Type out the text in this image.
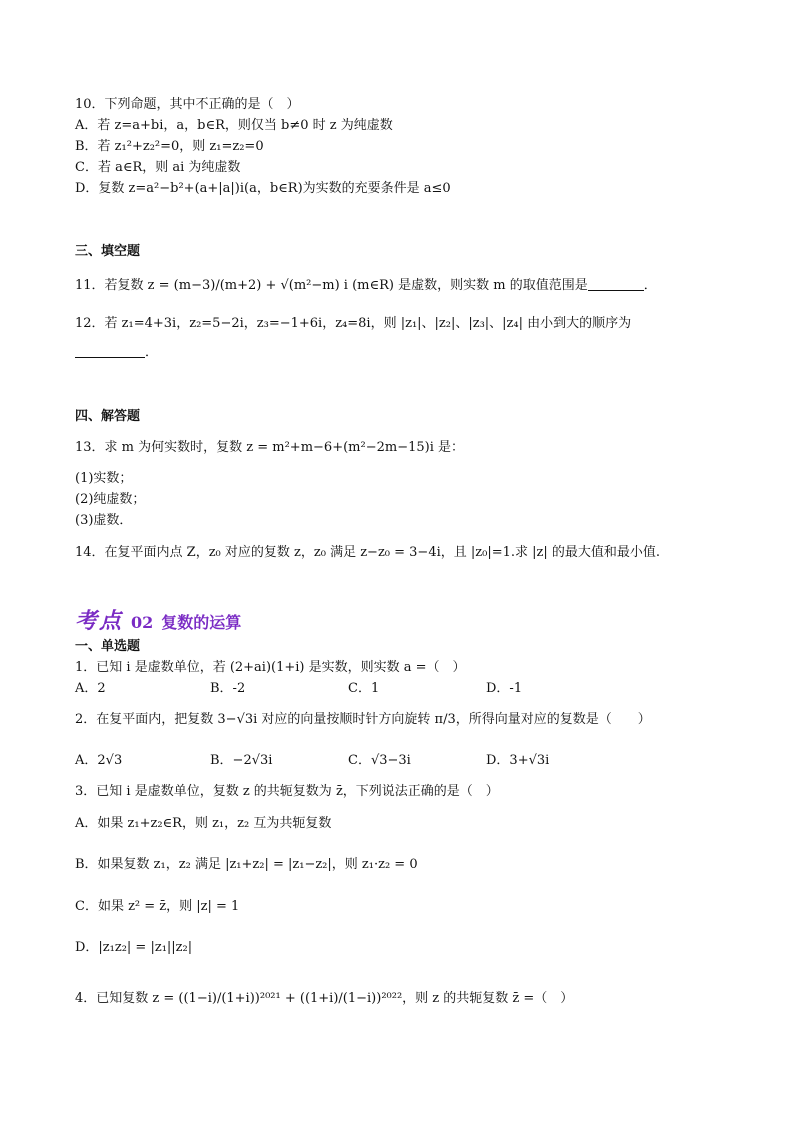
10．下列命题，其中不正确的是（　）
A．若 z=a+bi，a，b∈R，则仅当 b≠0 时 z 为纯虚数
B．若 z₁²+z₂²=0，则 z₁=z₂=0
C．若 a∈R，则 ai 为纯虚数
D．复数 z=a²−b²+(a+|a|)i(a，b∈R)为实数的充要条件是 a≤0
三、填空题
11．若复数 z = (m−3)/(m+2) + √(m²−m) i (m∈R) 是虚数，则实数 m 的取值范围是	．
12．若 z₁=4+3i，z₂=5−2i，z₃=−1+6i，z₄=8i，则 |z₁|、|z₂|、|z₃|、|z₄| 由小到大的顺序为
．
四、解答题
13．求 m 为何实数时，复数 z = m²+m−6+(m²−2m−15)i 是：
(1)实数；
(2)纯虚数；
(3)虚数．
14．在复平面内点 Z，z₀ 对应的复数 z，z₀ 满足 z−z₀ = 3−4i，且 |z₀|=1.求 |z| 的最大值和最小值.
考点 02 复数的运算
一、单选题
1．已知 i 是虚数单位，若 (2+ai)(1+i) 是实数，则实数 a =（　）
A．2	B．-2	C．1	D．-1
2．在复平面内，把复数 3−√3i 对应的向量按顺时针方向旋转 π/3，所得向量对应的复数是（　　）
A．2√3	B．−2√3i	C．√3−3i	D．3+√3i
3．已知 i 是虚数单位，复数 z 的共轭复数为 z̄，下列说法正确的是（　）
A．如果 z₁+z₂∈R，则 z₁，z₂ 互为共轭复数
B．如果复数 z₁，z₂ 满足 |z₁+z₂| = |z₁−z₂|，则 z₁·z₂ = 0
C．如果 z² = z̄，则 |z| = 1
D．|z₁z₂| = |z₁||z₂|
4．已知复数 z = ((1−i)/(1+i))²⁰²¹ + ((1+i)/(1−i))²⁰²²，则 z 的共轭复数 z̄ =（　）
